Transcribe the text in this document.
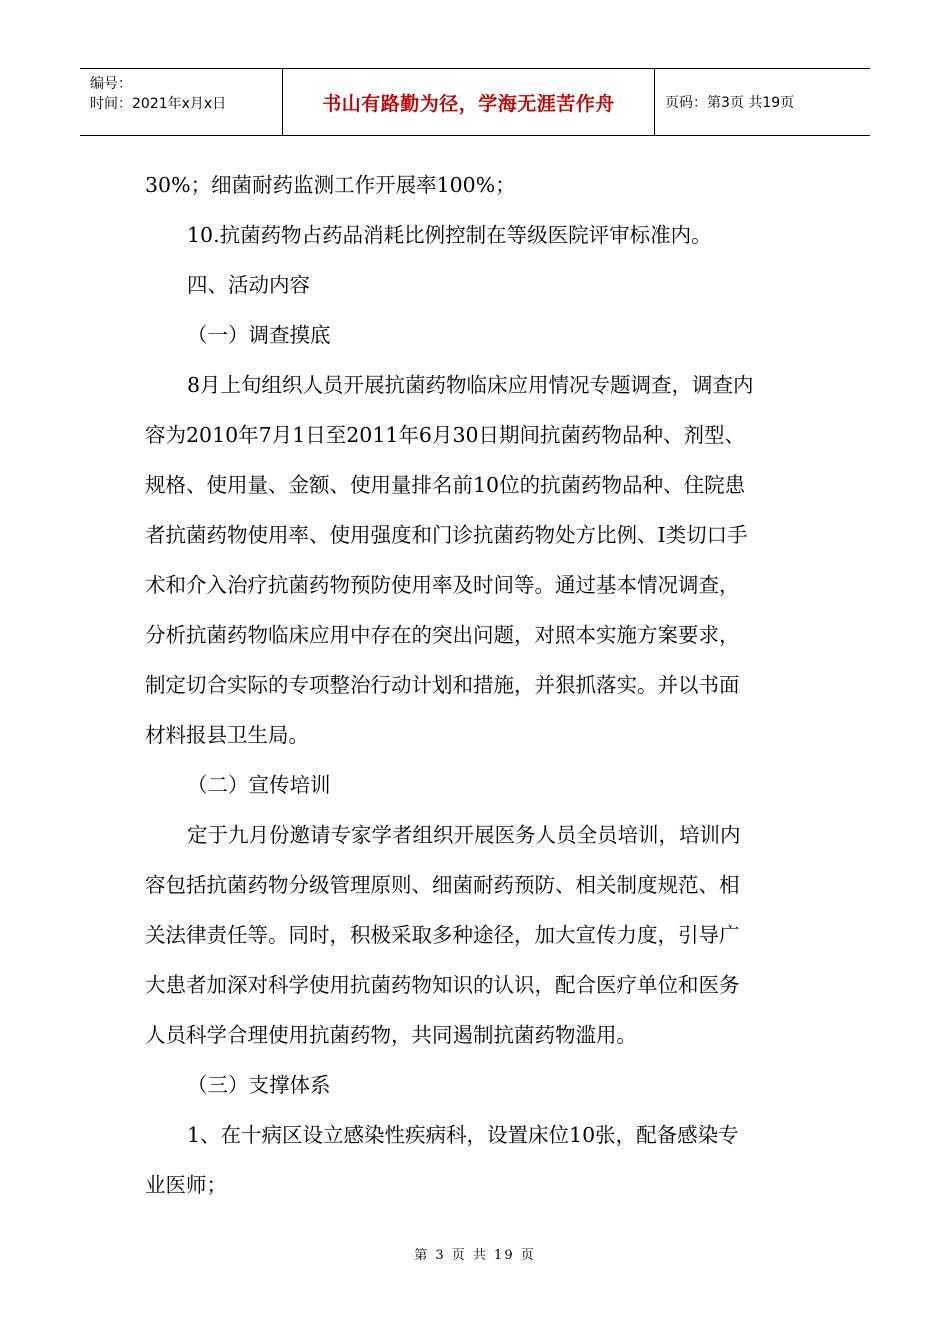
编号：
时间：2021年x月x日	书山有路勤为径，学海无涯苦作舟	页码：第3页 共19页

30%；细菌耐药监测工作开展率100%；

10.抗菌药物占药品消耗比例控制在等级医院评审标准内。

四、活动内容

（一）调查摸底

8月上旬组织人员开展抗菌药物临床应用情况专题调查，调查内

容为2010年7月1日至2011年6月30日期间抗菌药物品种、剂型、

规格、使用量、金额、使用量排名前10位的抗菌药物品种、住院患

者抗菌药物使用率、使用强度和门诊抗菌药物处方比例、I类切口手

术和介入治疗抗菌药物预防使用率及时间等。通过基本情况调查，

分析抗菌药物临床应用中存在的突出问题，对照本实施方案要求，

制定切合实际的专项整治行动计划和措施，并狠抓落实。并以书面

材料报县卫生局。

（二）宣传培训

定于九月份邀请专家学者组织开展医务人员全员培训，培训内

容包括抗菌药物分级管理原则、细菌耐药预防、相关制度规范、相

关法律责任等。同时，积极采取多种途径，加大宣传力度，引导广

大患者加深对科学使用抗菌药物知识的认识，配合医疗单位和医务

人员科学合理使用抗菌药物，共同遏制抗菌药物滥用。

（三）支撑体系

1、在十病区设立感染性疾病科，设置床位10张，配备感染专

业医师；

第 3 页 共 19 页
